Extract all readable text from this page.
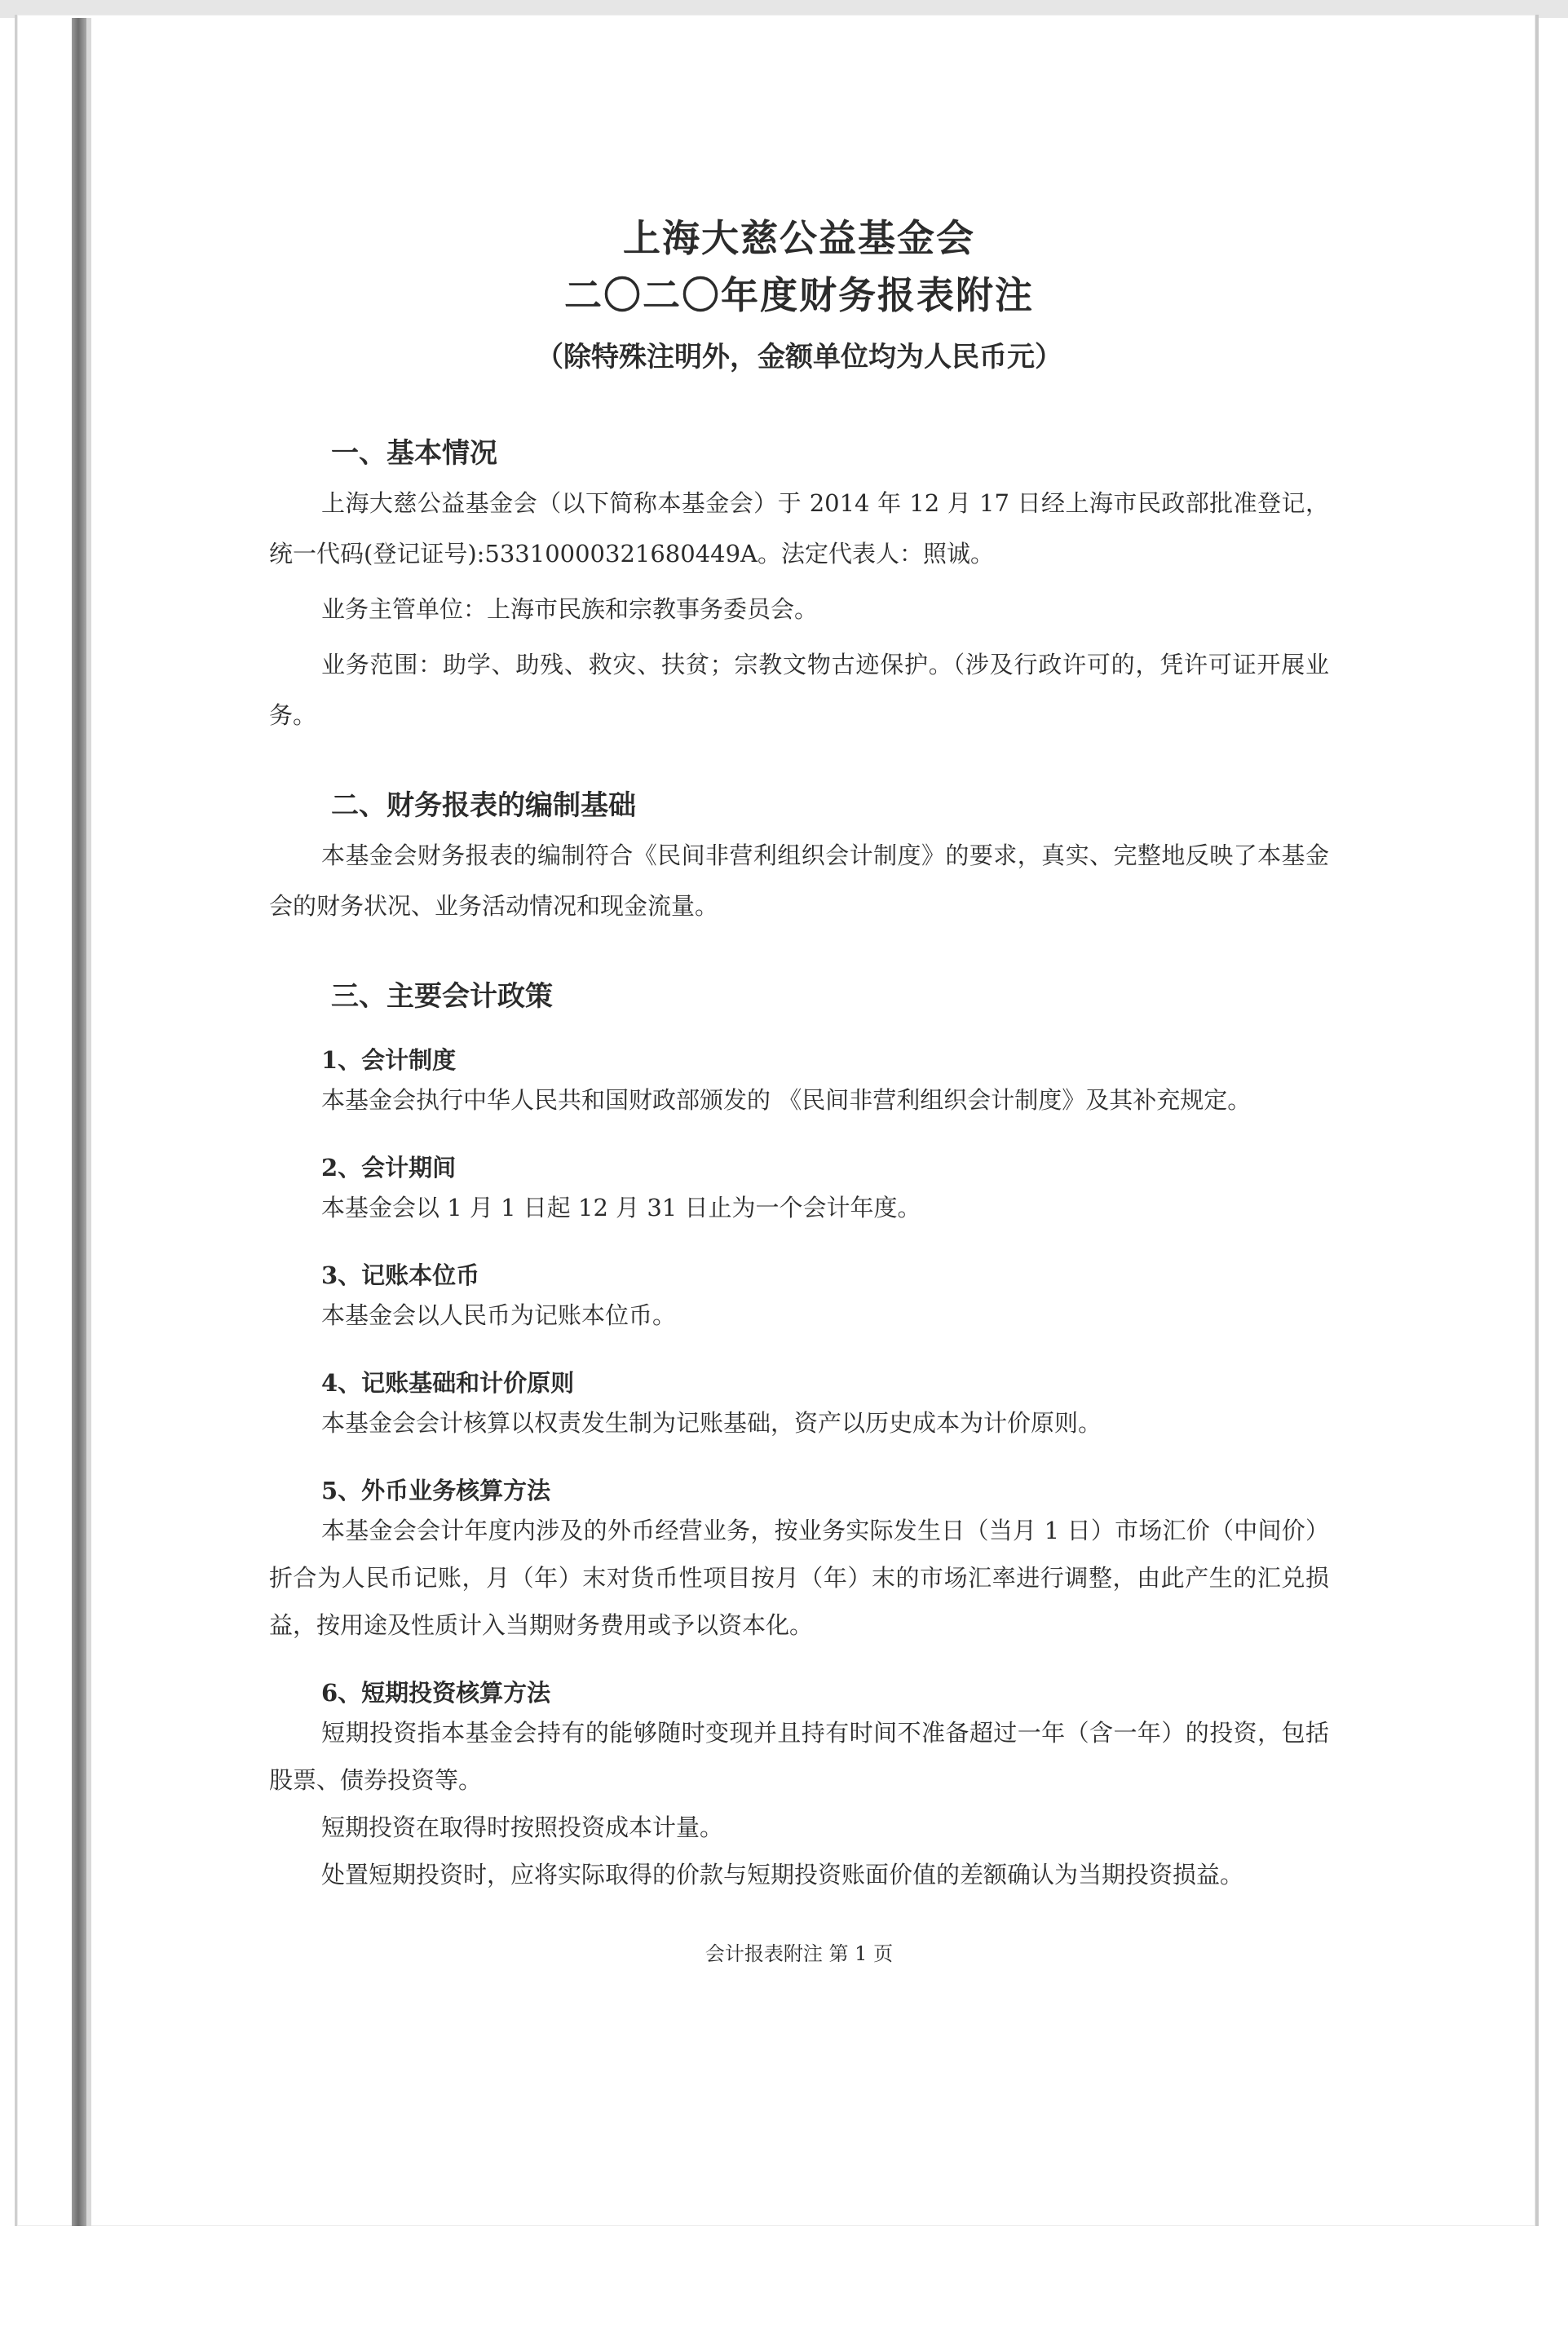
上海大慈公益基金会
二〇二〇年度财务报表附注
（除特殊注明外，金额单位均为人民币元）
一、基本情况
上海大慈公益基金会（以下简称本基金会）于 2014 年 12 月 17 日经上海市民政部批准登记，统一代码(登记证号):53310000321680449A。法定代表人：照诚。
业务主管单位：上海市民族和宗教事务委员会。
业务范围：助学、助残、救灾、扶贫；宗教文物古迹保护。（涉及行政许可的，凭许可证开展业务。
二、财务报表的编制基础
本基金会财务报表的编制符合《民间非营利组织会计制度》的要求，真实、完整地反映了本基金会的财务状况、业务活动情况和现金流量。
三、主要会计政策
1、会计制度
本基金会执行中华人民共和国财政部颁发的 《民间非营利组织会计制度》及其补充规定。
2、会计期间
本基金会以 1 月 1 日起 12 月 31 日止为一个会计年度。
3、记账本位币
本基金会以人民币为记账本位币。
4、记账基础和计价原则
本基金会会计核算以权责发生制为记账基础，资产以历史成本为计价原则。
5、外币业务核算方法
本基金会会计年度内涉及的外币经营业务，按业务实际发生日（当月 1 日）市场汇价（中间价）折合为人民币记账，月（年）末对货币性项目按月（年）末的市场汇率进行调整，由此产生的汇兑损益，按用途及性质计入当期财务费用或予以资本化。
6、短期投资核算方法
短期投资指本基金会持有的能够随时变现并且持有时间不准备超过一年（含一年）的投资，包括股票、债券投资等。
短期投资在取得时按照投资成本计量。
处置短期投资时，应将实际取得的价款与短期投资账面价值的差额确认为当期投资损益。
会计报表附注 第 1 页
